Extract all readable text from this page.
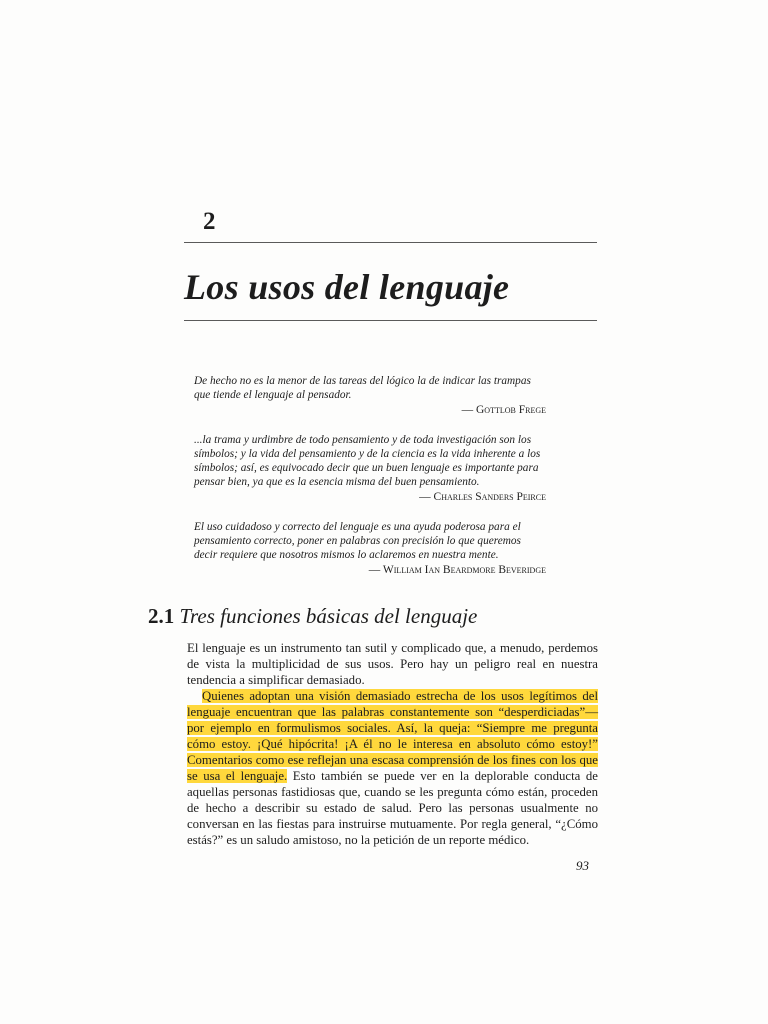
2
Los usos del lenguaje

De hecho no es la menor de las tareas del lógico la de indicar las trampas que tiende el lenguaje al pensador.

— Gottlob Frege

...la trama y urdimbre de todo pensamiento y de toda investigación son los símbolos; y la vida del pensamiento y de la ciencia es la vida inherente a los símbolos; así, es equivocado decir que un buen lenguaje es importante para pensar bien, ya que es la esencia misma del buen pensamiento.

— Charles Sanders Peirce

El uso cuidadoso y correcto del lenguaje es una ayuda poderosa para el pensamiento correcto, poner en palabras con precisión lo que queremos decir requiere que nosotros mismos lo aclaremos en nuestra mente.

— William Ian Beardmore Beveridge
2.1 Tres funciones básicas del lenguaje

El lenguaje es un instrumento tan sutil y complicado que, a menudo, perdemos de vista la multiplicidad de sus usos. Pero hay un peligro real en nuestra tendencia a simplificar demasiado.

Quienes adoptan una visión demasiado estrecha de los usos legítimos del lenguaje encuentran que las palabras constantemente son “desperdiciadas”—por ejemplo en formulismos sociales. Así, la queja: “Siempre me pregunta cómo estoy. ¡Qué hipócrita! ¡A él no le interesa en absoluto cómo estoy!” Comentarios como ese reflejan una escasa comprensión de los fines con los que se usa el lenguaje. Esto también se puede ver en la deplorable conducta de aquellas personas fastidiosas que, cuando se les pregunta cómo están, proceden de hecho a describir su estado de salud. Pero las personas usualmente no conversan en las fiestas para instruirse mutuamente. Por regla general, “¿Cómo estás?” es un saludo amistoso, no la petición de un reporte médico.

93
